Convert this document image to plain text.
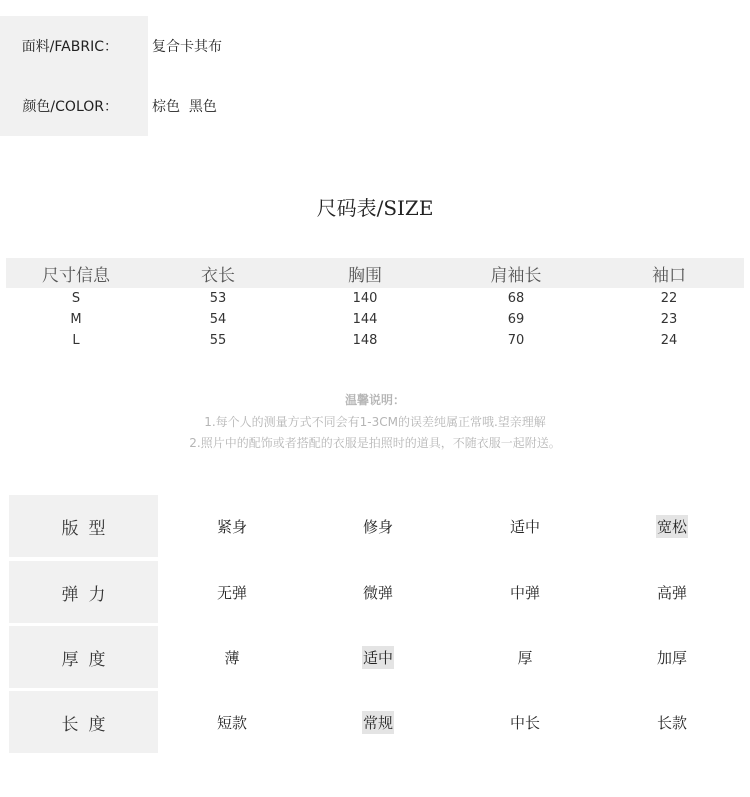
面料/FABRIC：	复合卡其布
颜色/COLOR：	棕色  黑色
尺码表/SIZE
尺寸信息	衣长	胸围	肩袖长	袖口
S	53	140	68	22
M	54	144	69	23
L	55	148	70	24
温馨说明：
1.每个人的测量方式不同会有1-3CM的误差纯属正常哦.望亲理解
2.照片中的配饰或者搭配的衣服是拍照时的道具，不随衣服一起附送。
版型	紧身	修身	适中	宽松
弹力	无弹	微弹	中弹	高弹
厚度	薄	适中	厚	加厚
长度	短款	常规	中长	长款
